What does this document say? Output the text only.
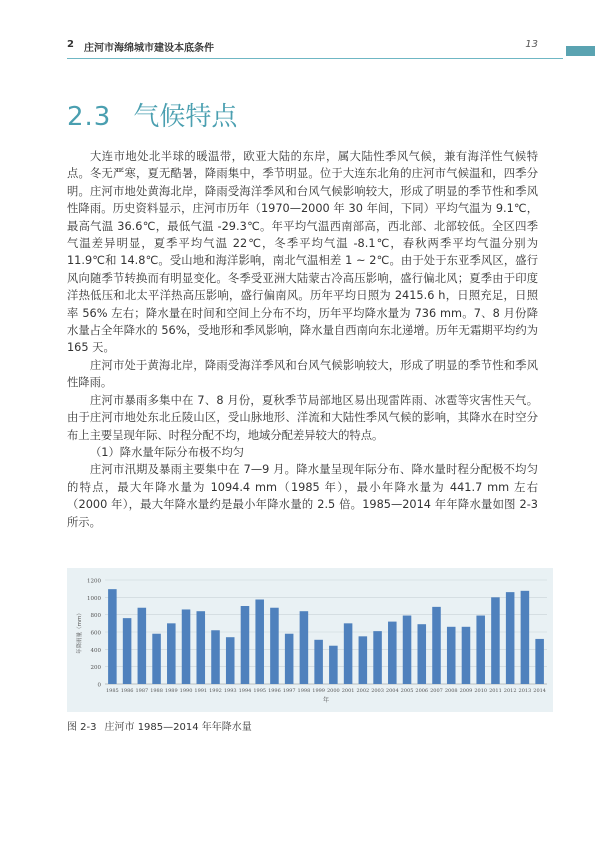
2 庄河市海绵城市建设本底条件	13
2.3 气候特点

大连市地处北半球的暖温带，欧亚大陆的东岸，属大陆性季风气候，兼有海洋性气候特点。冬无严寒，夏无酷暑，降雨集中，季节明显。位于大连东北角的庄河市气候温和，四季分明。庄河市地处黄海北岸，降雨受海洋季风和台风气候影响较大，形成了明显的季节性和季风性降雨。历史资料显示，庄河市历年（1970—2000 年 30 年间，下同）平均气温为 9.1℃，最高气温 36.6℃，最低气温 -29.3℃。年平均气温西南部高，西北部、北部较低。全区四季气温差异明显，夏季平均气温 22℃，冬季平均气温 -8.1℃，春秋两季平均气温分别为 11.9℃和 14.8℃。受山地和海洋影响，南北气温相差 1 ~ 2℃。由于处于东亚季风区，盛行风向随季节转换而有明显变化。冬季受亚洲大陆蒙古冷高压影响，盛行偏北风；夏季由于印度洋热低压和北太平洋热高压影响，盛行偏南风。历年平均日照为 2415.6 h，日照充足，日照率 56% 左右；降水量在时间和空间上分布不均，历年平均降水量为 736 mm。7、8 月份降水量占全年降水的 56%，受地形和季风影响，降水量自西南向东北递增。历年无霜期平均约为 165 天。

庄河市处于黄海北岸，降雨受海洋季风和台风气候影响较大，形成了明显的季节性和季风性降雨。

庄河市暴雨多集中在 7、8 月份，夏秋季节局部地区易出现雷阵雨、冰雹等灾害性天气。由于庄河市地处东北丘陵山区，受山脉地形、洋流和大陆性季风气候的影响，其降水在时空分布上主要呈现年际、时程分配不均，地域分配差异较大的特点。

（1）降水量年际分布极不均匀

庄河市汛期及暴雨主要集中在 7—9 月。降水量呈现年际分布、降水量时程分配极不均匀的特点，最大年降水量为 1094.4 mm（1985 年），最小年降水量为 441.7 mm 左右（2000 年），最大年降水量约是最小年降水量的 2.5 倍。1985—2014 年年降水量如图 2-3 所示。

0
200
400
600
800
1000
1200
1985 1986 1987 1988 1989 1990 1991 1992 1993 1994 1995 1996 1997 1998 1999 2000 2001 2002 2003 2004 2005 2006 2007 2008 2009 2010 2011 2012 2013 2014
年
年降雨量（mm）
图 2-3 庄河市 1985—2014 年年降水量
